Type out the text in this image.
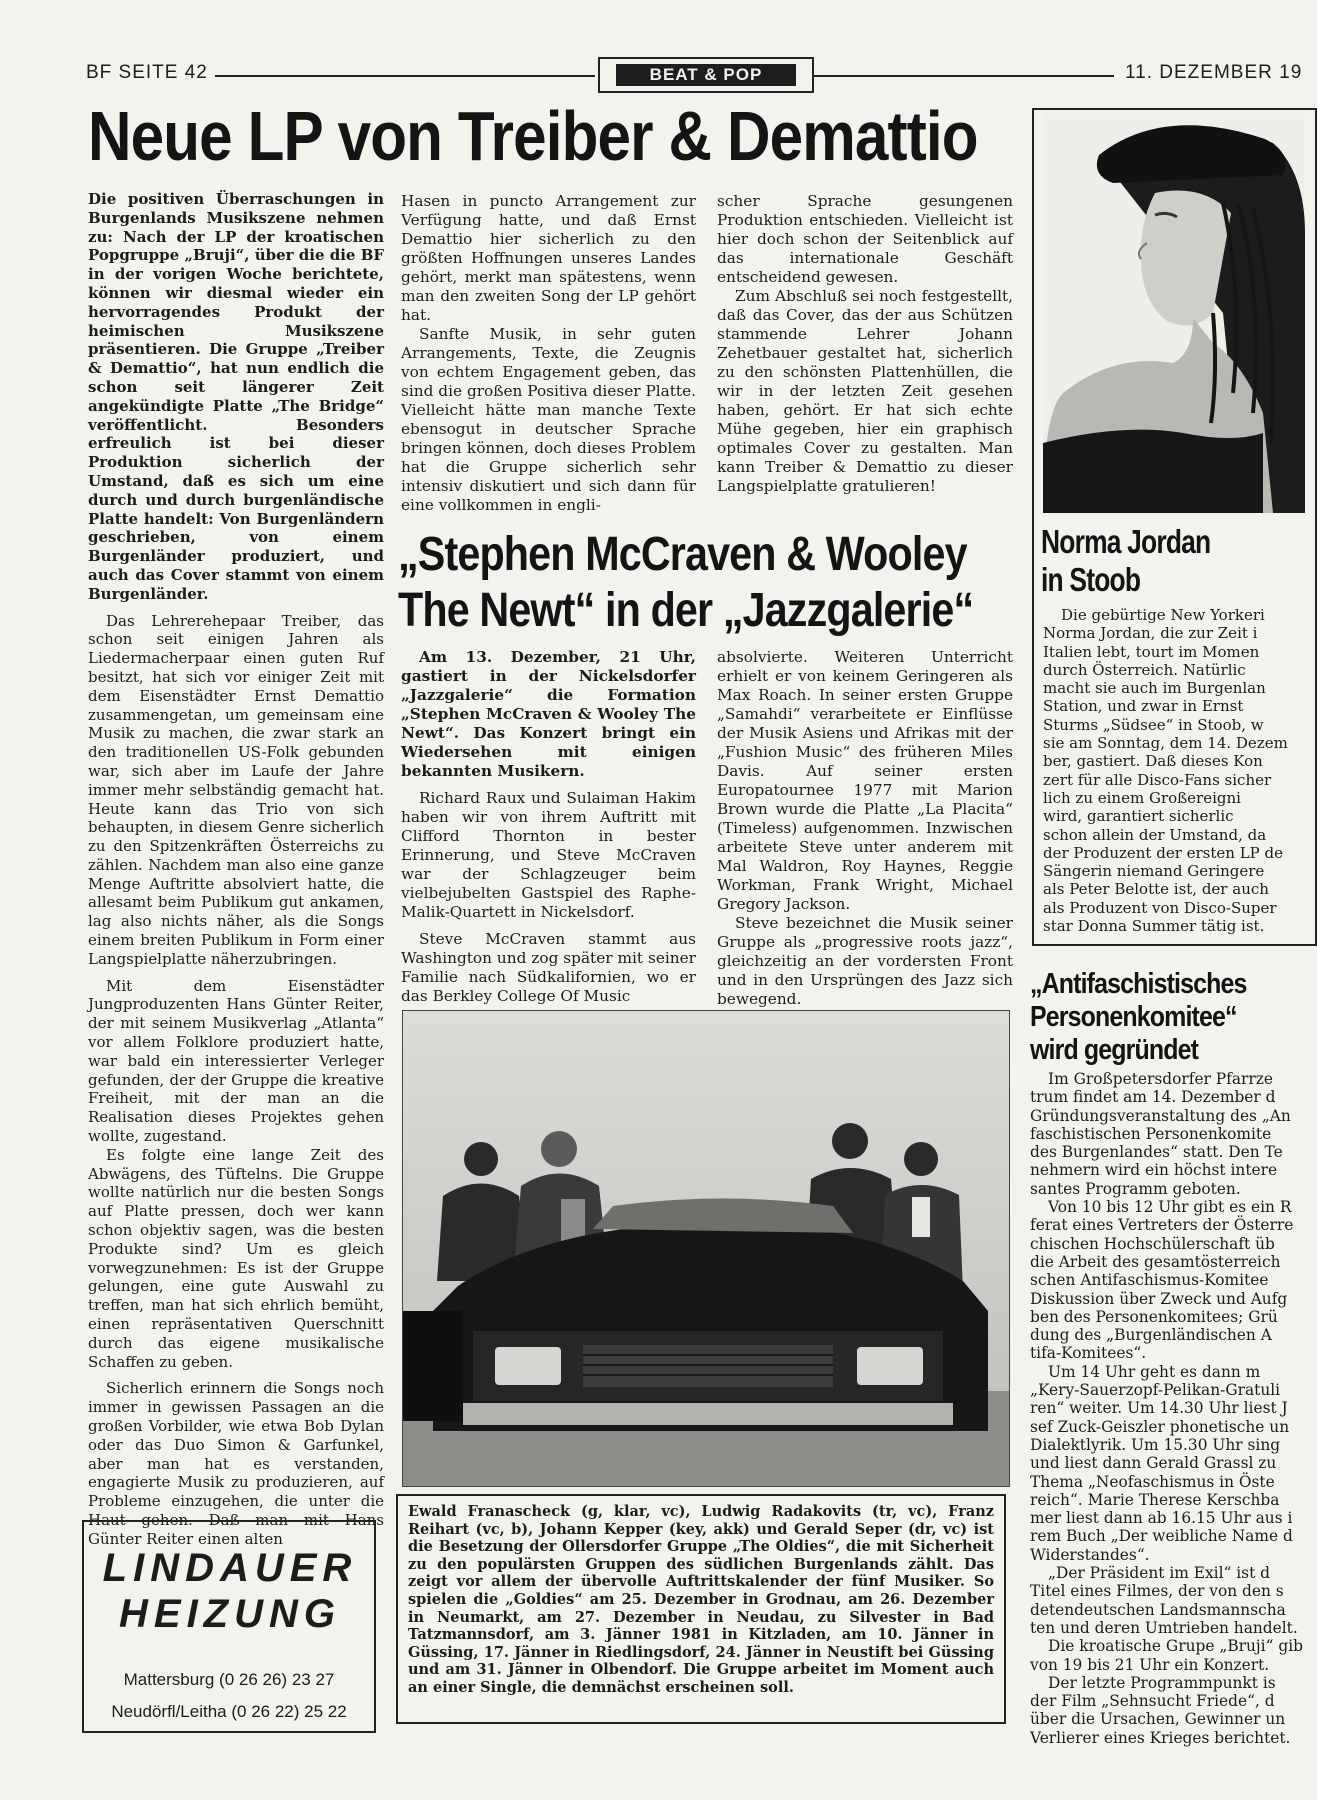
BF SEITE 42	BEAT & POP	11. DEZEMBER 19
Neue LP von Treiber & Demattio

Die positiven Überraschungen in Burgenlands Musikszene nehmen zu: Nach der LP der kroatischen Popgruppe „Bruji“, über die die BF in der vorigen Woche berichtete, können wir diesmal wieder ein hervorragendes Produkt der heimischen Musikszene präsentieren. Die Gruppe „Treiber & Demattio“, hat nun endlich die schon seit längerer Zeit angekündigte Platte „The Bridge“ veröffentlicht. Besonders erfreulich ist bei dieser Produktion sicherlich der Umstand, daß es sich um eine durch und durch burgenländische Platte handelt: Von Burgenländern geschrieben, von einem Burgenländer produziert, und auch das Cover stammt von einem Burgenländer.

Das Lehrerehepaar Treiber, das schon seit einigen Jahren als Liedermacherpaar einen guten Ruf besitzt, hat sich vor einiger Zeit mit dem Eisenstädter Ernst Demattio zusammengetan, um gemeinsam eine Musik zu machen, die zwar stark an den traditionellen US-Folk gebunden war, sich aber im Laufe der Jahre immer mehr selbständig gemacht hat. Heute kann das Trio von sich behaupten, in diesem Genre sicherlich zu den Spitzenkräften Österreichs zu zählen. Nachdem man also eine ganze Menge Auftritte absolviert hatte, die allesamt beim Publikum gut ankamen, lag also nichts näher, als die Songs einem breiten Publikum in Form einer Langspielplatte näherzubringen.

Mit dem Eisenstädter Jungproduzenten Hans Günter Reiter, der mit seinem Musikverlag „Atlanta“ vor allem Folklore produziert hatte, war bald ein interessierter Verleger gefunden, der der Gruppe die kreative Freiheit, mit der man an die Realisation dieses Projektes gehen wollte, zugestand.

Es folgte eine lange Zeit des Abwägens, des Tüftelns. Die Gruppe wollte natürlich nur die besten Songs auf Platte pressen, doch wer kann schon objektiv sagen, was die besten Produkte sind? Um es gleich vorwegzunehmen: Es ist der Gruppe gelungen, eine gute Auswahl zu treffen, man hat sich ehrlich bemüht, einen repräsentativen Querschnitt durch das eigene musikalische Schaffen zu geben.

Sicherlich erinnern die Songs noch immer in gewissen Passagen an die großen Vorbilder, wie etwa Bob Dylan oder das Duo Simon & Garfunkel, aber man hat es verstanden, engagierte Musik zu produzieren, auf Probleme einzugehen, die unter die Haut gehen. Daß man mit Hans Günter Reiter einen alten

Hasen in puncto Arrangement zur Verfügung hatte, und daß Ernst Demattio hier sicherlich zu den größten Hoffnungen unseres Landes gehört, merkt man spätestens, wenn man den zweiten Song der LP gehört hat.

Sanfte Musik, in sehr guten Arrangements, Texte, die Zeugnis von echtem Engagement geben, das sind die großen Positiva dieser Platte. Vielleicht hätte man manche Texte ebensogut in deutscher Sprache bringen können, doch dieses Problem hat die Gruppe sicherlich sehr intensiv diskutiert und sich dann für eine vollkommen in engli-

scher Sprache gesungenen Produktion entschieden. Vielleicht ist hier doch schon der Seitenblick auf das internationale Geschäft entscheidend gewesen.

Zum Abschluß sei noch festgestellt, daß das Cover, das der aus Schützen stammende Lehrer Johann Zehetbauer gestaltet hat, sicherlich zu den schönsten Plattenhüllen, die wir in der letzten Zeit gesehen haben, gehört. Er hat sich echte Mühe gegeben, hier ein graphisch optimales Cover zu gestalten. Man kann Treiber & Demattio zu dieser Langspielplatte gratulieren!

„Stephen McCraven & Wooley
The Newt“ in der „Jazzgalerie“

Am 13. Dezember, 21 Uhr, gastiert in der Nickelsdorfer „Jazzgalerie“ die Formation „Stephen McCraven & Wooley The Newt“. Das Konzert bringt ein Wiedersehen mit einigen bekannten Musikern.

Richard Raux und Sulaiman Hakim haben wir von ihrem Auftritt mit Clifford Thornton in bester Erinnerung, und Steve McCraven war der Schlagzeuger beim vielbejubelten Gastspiel des Raphe-Malik-Quartett in Nickelsdorf.

Steve McCraven stammt aus Washington und zog später mit seiner Familie nach Südkalifornien, wo er das Berkley College Of Music

absolvierte. Weiteren Unterricht erhielt er von keinem Geringeren als Max Roach. In seiner ersten Gruppe „Samahdi“ verarbeitete er Einflüsse der Musik Asiens und Afrikas mit der „Fushion Music“ des früheren Miles Davis. Auf seiner ersten Europatournee 1977 mit Marion Brown wurde die Platte „La Placita“ (Timeless) aufgenommen. Inzwischen arbeitete Steve unter anderem mit Mal Waldron, Roy Haynes, Reggie Workman, Frank Wright, Michael Gregory Jackson.

Steve bezeichnet die Musik seiner Gruppe als „progressive roots jazz“, gleichzeitig an der vordersten Front und in den Ursprüngen des Jazz sich bewegend.

Ewald Franascheck (g, klar, vc), Ludwig Radakovits (tr, vc), Franz Reihart (vc, b), Johann Kepper (key, akk) und Gerald Seper (dr, vc) ist die Besetzung der Ollersdorfer Gruppe „The Oldies“, die mit Sicherheit zu den populärsten Gruppen des südlichen Burgenlands zählt. Das zeigt vor allem der übervolle Auftrittskalender der fünf Musiker. So spielen die „Goldies“ am 25. Dezember in Grodnau, am 26. Dezember in Neumarkt, am 27. Dezember in Neudau, zu Silvester in Bad Tatzmannsdorf, am 3. Jänner 1981 in Kitzladen, am 10. Jänner in Güssing, 17. Jänner in Riedlingsdorf, 24. Jänner in Neustift bei Güssing und am 31. Jänner in Olbendorf. Die Gruppe arbeitet im Moment auch an einer Single, die demnächst erscheinen soll.
LINDAUER
HEIZUNG
Mattersburg (0 26 26) 23 27
Neudörfl/Leitha (0 26 22) 25 22
Norma Jordan
in Stoob
Die gebürtige New Yorkeri
Norma Jordan, die zur Zeit i
Italien lebt, tourt im Momen
durch Österreich. Natürlic
macht sie auch im Burgenlan
Station, und zwar in Ernst
Sturms „Südsee“ in Stoob, w
sie am Sonntag, dem 14. Dezem
ber, gastiert. Daß dieses Kon
zert für alle Disco-Fans sicher
lich zu einem Großereigni
wird, garantiert sicherlic
schon allein der Umstand, da
der Produzent der ersten LP de
Sängerin niemand Geringere
als Peter Belotte ist, der auch
als Produzent von Disco-Super
star Donna Summer tätig ist.
„Antifaschistisches
Personenkomitee“
wird gegründet
Im Großpetersdorfer Pfarrze
trum findet am 14. Dezember d
Gründungsveranstaltung des „An
faschistischen Personenkomite
des Burgenlandes“ statt. Den Te
nehmern wird ein höchst intere
santes Programm geboten.
Von 10 bis 12 Uhr gibt es ein R
ferat eines Vertreters der Österre
chischen Hochschülerschaft üb
die Arbeit des gesamtösterreich
schen Antifaschismus-Komitee
Diskussion über Zweck und Aufg
ben des Personenkomitees; Grü
dung des „Burgenländischen A
tifa-Komitees“.
Um 14 Uhr geht es dann m
„Kery-Sauerzopf-Pelikan-Gratuli
ren“ weiter. Um 14.30 Uhr liest J
sef Zuck-Geiszler phonetische un
Dialektlyrik. Um 15.30 Uhr sing
und liest dann Gerald Grassl zu
Thema „Neofaschismus in Öste
reich“. Marie Therese Kerschba
mer liest dann ab 16.15 Uhr aus i
rem Buch „Der weibliche Name d
Widerstandes“.
„Der Präsident im Exil“ ist d
Titel eines Filmes, der von den s
detendeutschen Landsmannscha
ten und deren Umtrieben handelt.
Die kroatische Grupe „Bruji“ gib
von 19 bis 21 Uhr ein Konzert.
Der letzte Programmpunkt is
der Film „Sehnsucht Friede“, d
über die Ursachen, Gewinner un
Verlierer eines Krieges berichtet.
